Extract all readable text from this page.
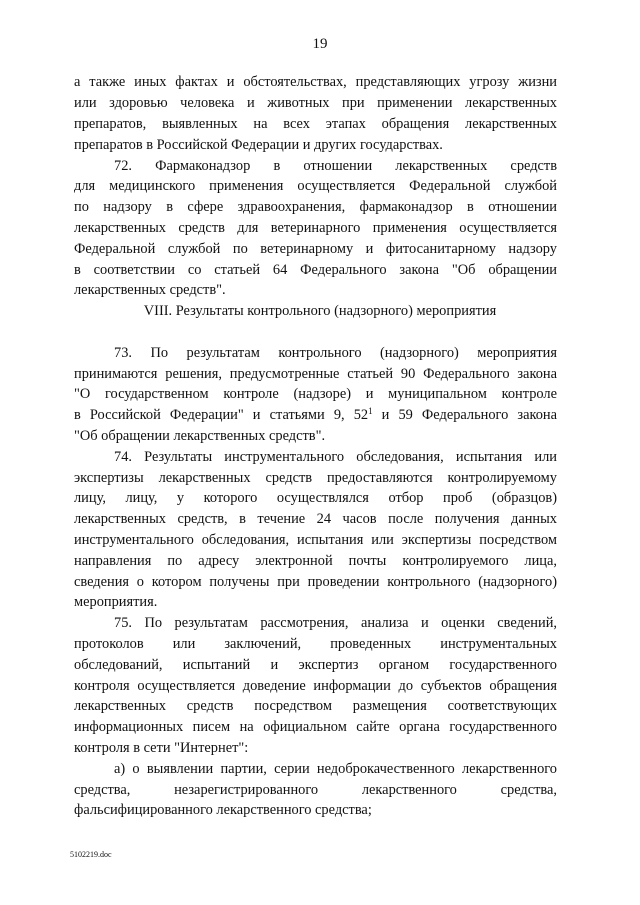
19
а также иных фактах и обстоятельствах, представляющих угрозу жизни
или здоровью человека и животных при применении лекарственных
препаратов, выявленных на всех этапах обращения лекарственных
препаратов в Российской Федерации и других государствах.
72. Фармаконадзор в отношении лекарственных средств
для медицинского применения осуществляется Федеральной службой
по надзору в сфере здравоохранения, фармаконадзор в отношении
лекарственных средств для ветеринарного применения осуществляется
Федеральной службой по ветеринарному и фитосанитарному надзору
в соответствии со статьей 64 Федерального закона "Об обращении
лекарственных средств".
VIII. Результаты контрольного (надзорного) мероприятия
73. По результатам контрольного (надзорного) мероприятия
принимаются решения, предусмотренные статьей 90 Федерального закона
"О государственном контроле (надзоре) и муниципальном контроле
в Российской Федерации" и статьями 9, $52^1$ и 59 Федерального закона
"Об обращении лекарственных средств".
74. Результаты инструментального обследования, испытания или
экспертизы лекарственных средств предоставляются контролируемому
лицу, лицу, у которого осуществлялся отбор проб (образцов)
лекарственных средств, в течение 24 часов после получения данных
инструментального обследования, испытания или экспертизы посредством
направления по адресу электронной почты контролируемого лица,
сведения о котором получены при проведении контрольного (надзорного)
мероприятия.
75. По результатам рассмотрения, анализа и оценки сведений,
протоколов или заключений, проведенных инструментальных
обследований, испытаний и экспертиз органом государственного
контроля осуществляется доведение информации до субъектов обращения
лекарственных средств посредством размещения соответствующих
информационных писем на официальном сайте органа государственного
контроля в сети "Интернет":
а) о выявлении партии, серии недоброкачественного лекарственного
средства, незарегистрированного лекарственного средства,
фальсифицированного лекарственного средства;
5102219.doc
